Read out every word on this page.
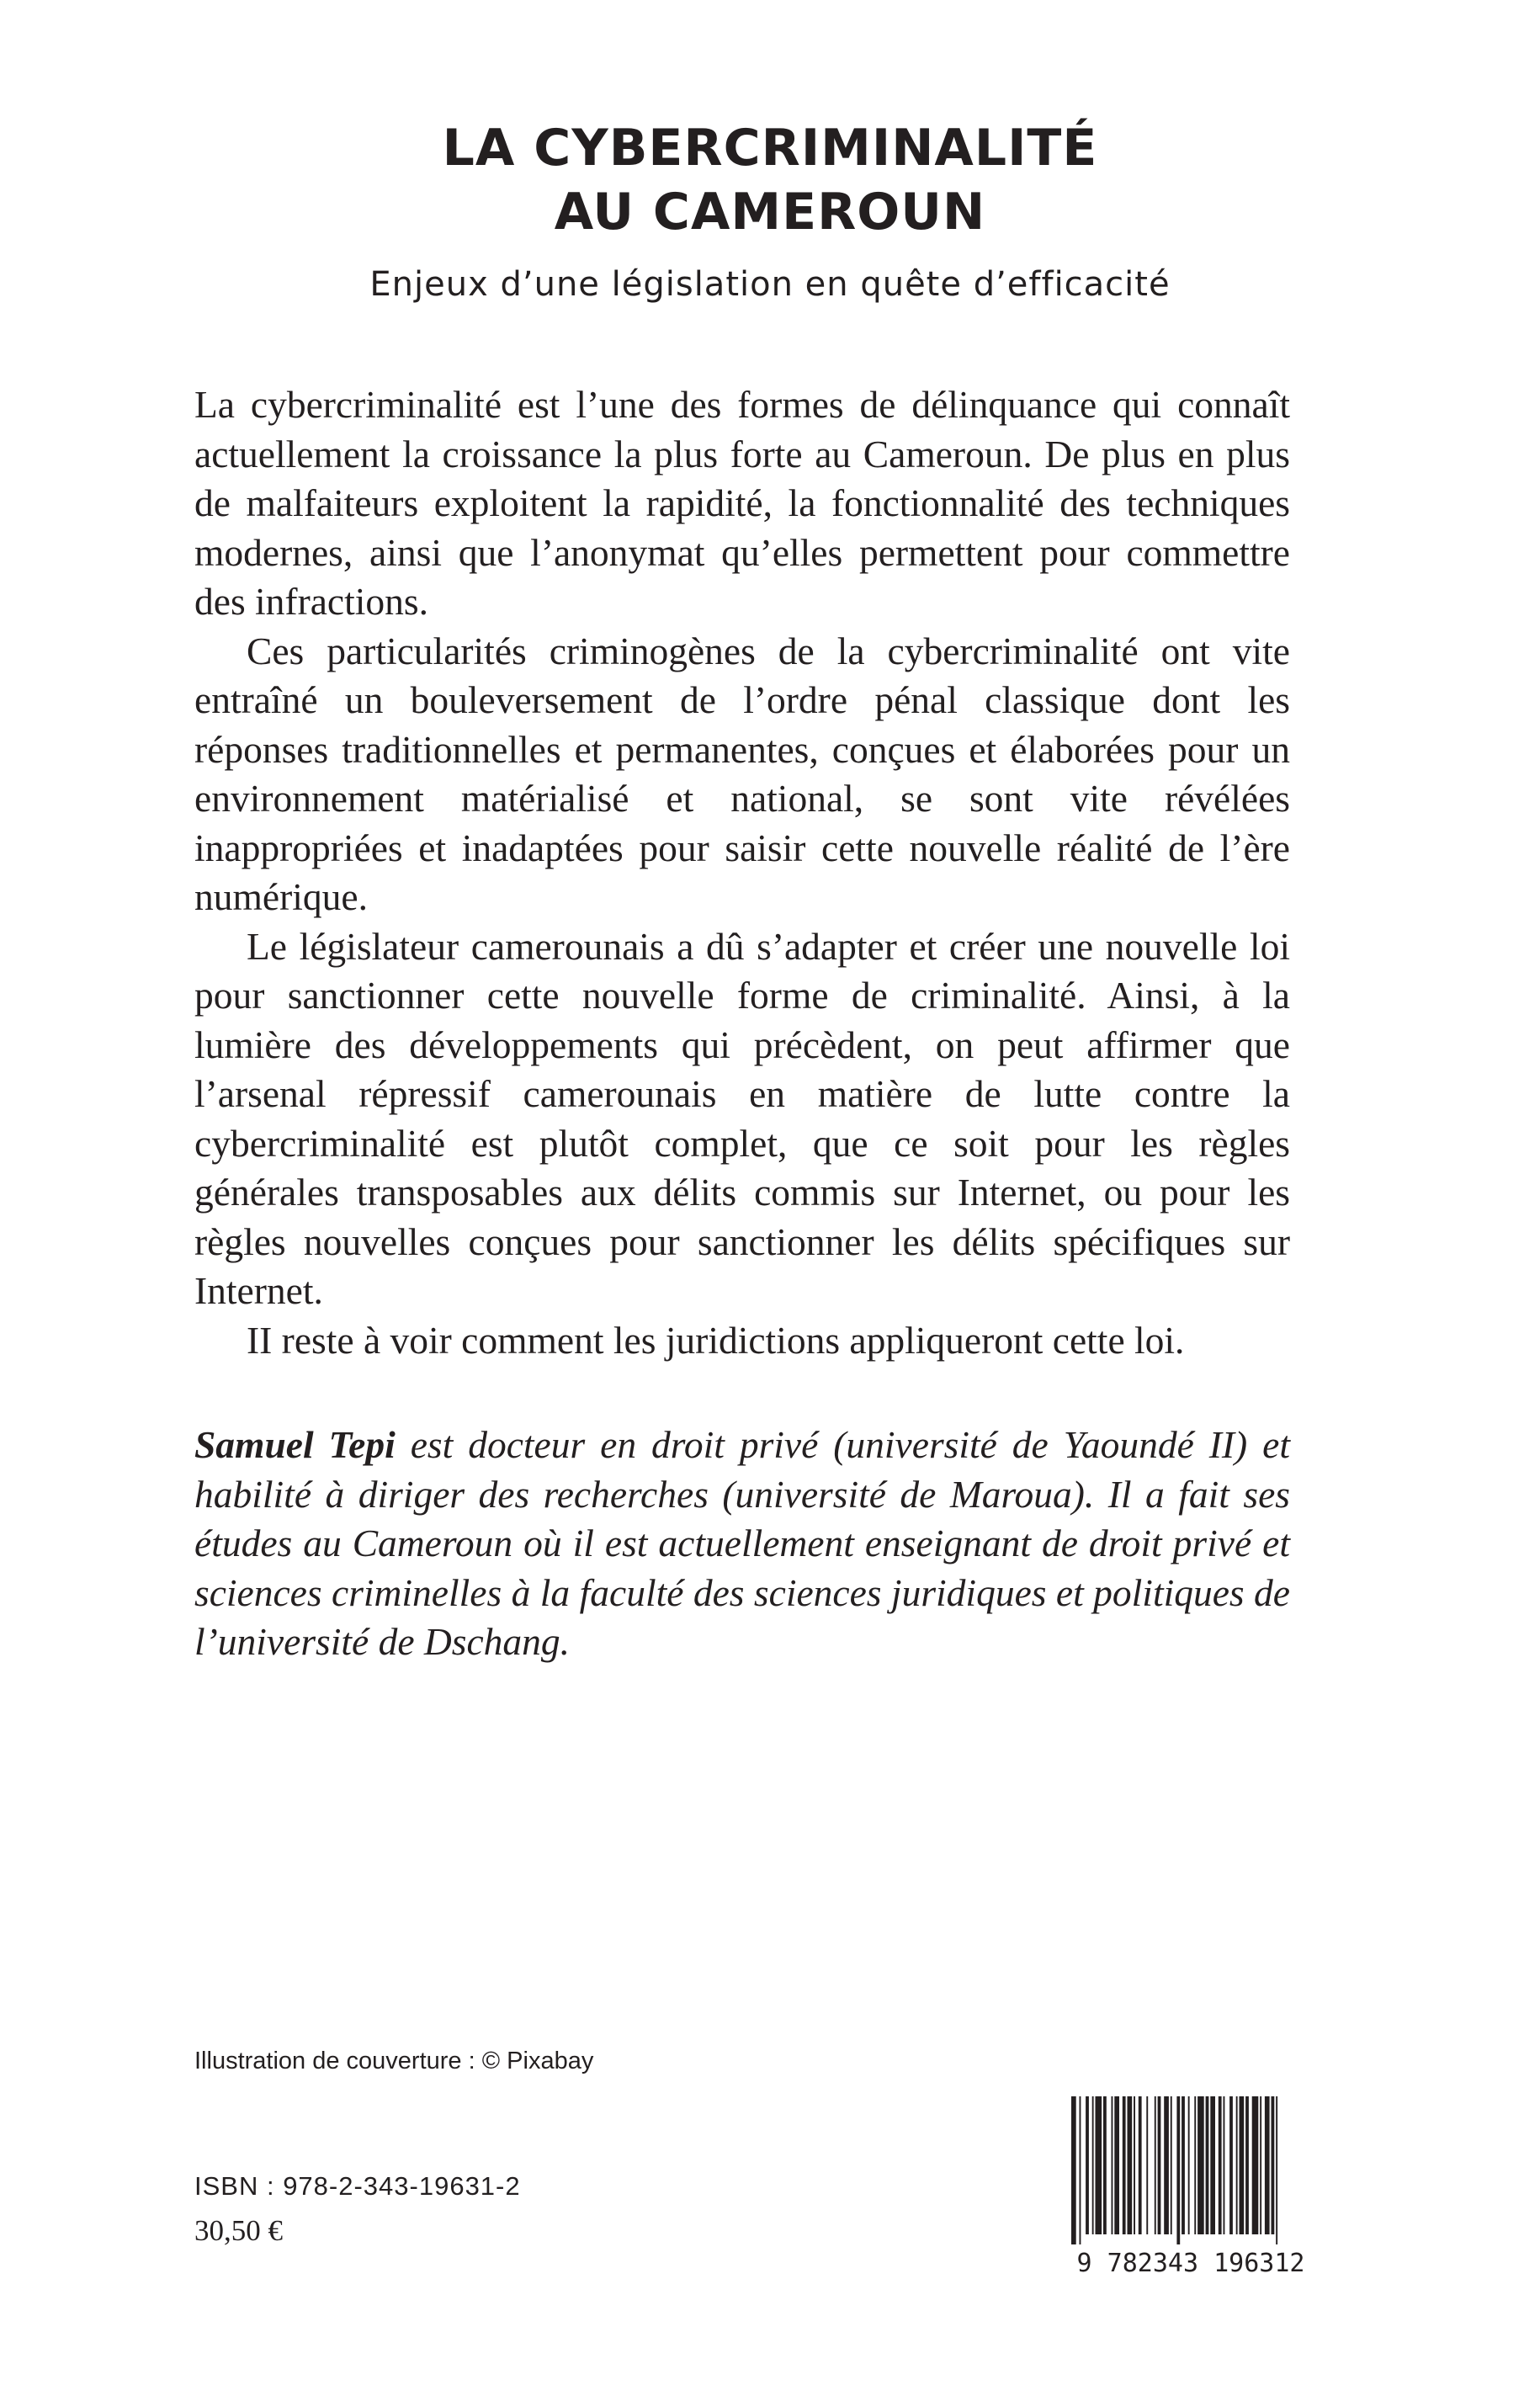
LA CYBERCRIMINALITÉ
AU CAMEROUN

Enjeux d’une législation en quête d’efficacité

La cybercriminalité est l’une des formes de délinquance qui connaît actuellement la croissance la plus forte au Cameroun. De plus en plus de malfaiteurs exploitent la rapidité, la fonctionnalité des techniques modernes, ainsi que l’anonymat qu’elles permettent pour commettre des infractions.

Ces particularités criminogènes de la cybercriminalité ont vite entraîné un bouleversement de l’ordre pénal classique dont les réponses traditionnelles et permanentes, conçues et élaborées pour un environnement matérialisé et national, se sont vite révélées inappropriées et inadaptées pour saisir cette nouvelle réalité de l’ère numérique.

Le législateur camerounais a dû s’adapter et créer une nouvelle loi pour sanctionner cette nouvelle forme de criminalité. Ainsi, à la lumière des développements qui précèdent, on peut affirmer que l’arsenal répressif camerounais en matière de lutte contre la cybercriminalité est plutôt complet, que ce soit pour les règles générales transposables aux délits commis sur Internet, ou pour les règles nouvelles conçues pour sanctionner les délits spécifiques sur Internet.

II reste à voir comment les juridictions appliqueront cette loi.

Samuel Tepi est docteur en droit privé (université de Yaoundé II) et habilité à diriger des recherches (université de Maroua). Il a fait ses études au Cameroun où il est actuellement enseignant de droit privé et sciences criminelles à la faculté des sciences juridiques et politiques de l’université de Dschang.

Illustration de couverture : © Pixabay

ISBN : 978-2-343-19631-2

30,50 €

9 782343 196312
